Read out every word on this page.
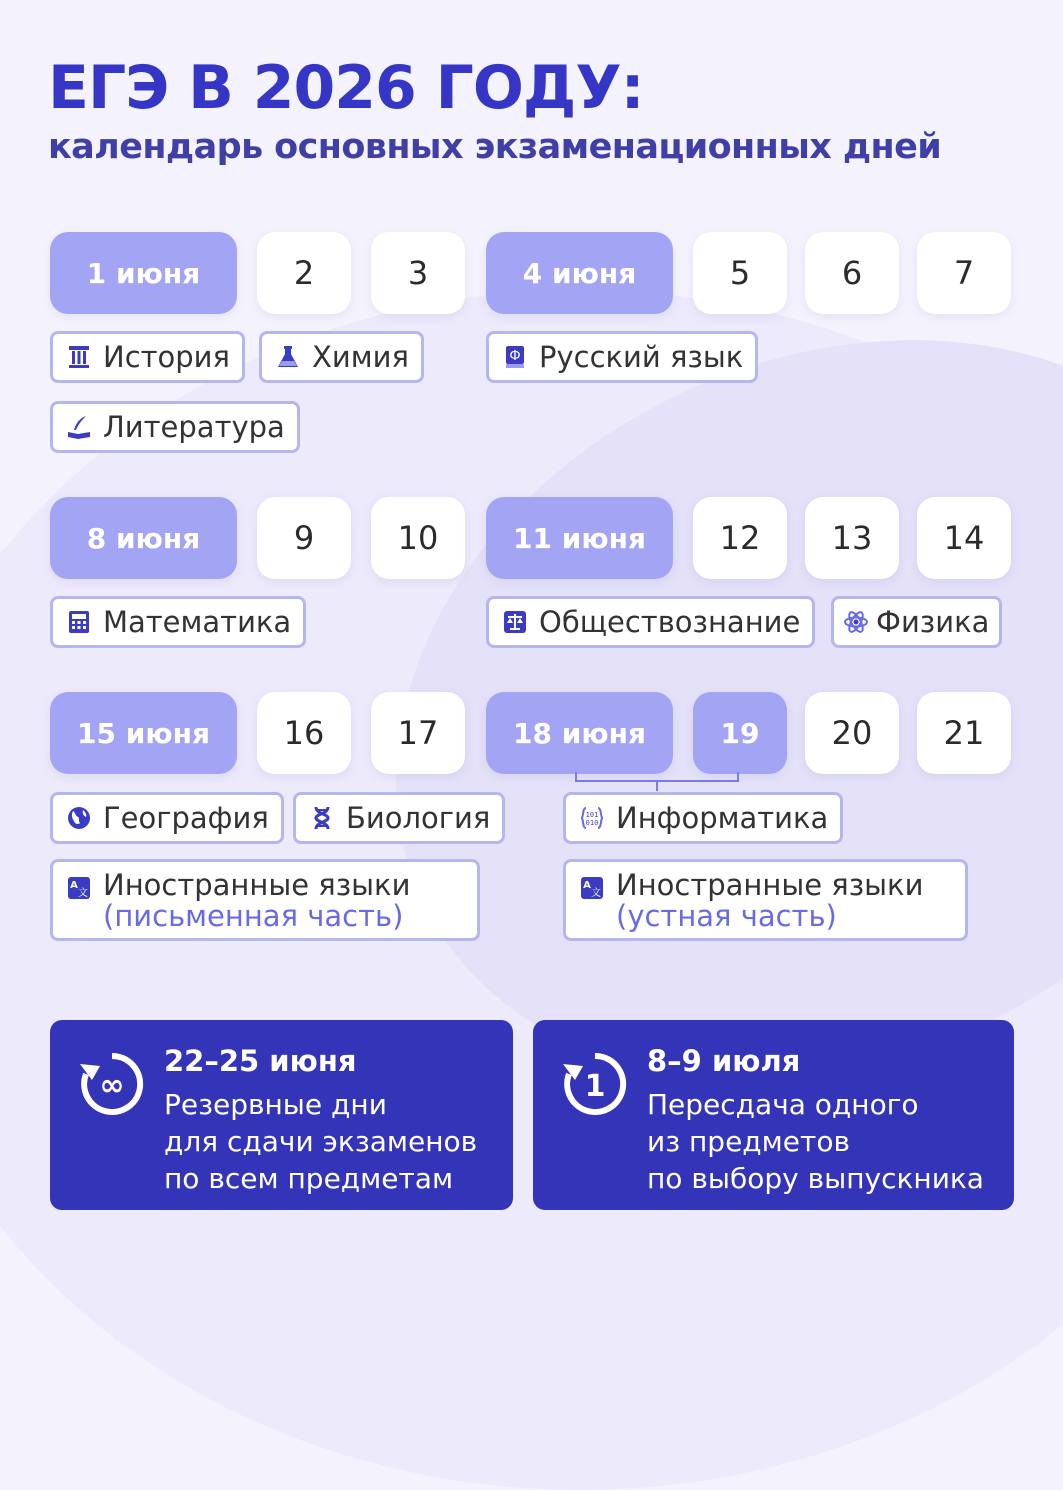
ЕГЭ В 2026 ГОДУ:
календарь основных экзаменационных дней
1 июня	2	3	4 июня	5	6	7
История	Химия
Литература
Ф Русский язык
8 июня	9	10	11 июня	12	13	14
Математика	Обществознание	Физика
15 июня	16	17	18 июня	19	20	21
География	Биология
A
文 Иностранные языки
(письменная часть)
101
010 Информатика
A
文 Иностранные языки
(устная часть)
∞
22–25 июня
Резервные дни
для сдачи экзаменов
по всем предметам
1
8–9 июля
Пересдача одного
из предметов
по выбору выпускника
